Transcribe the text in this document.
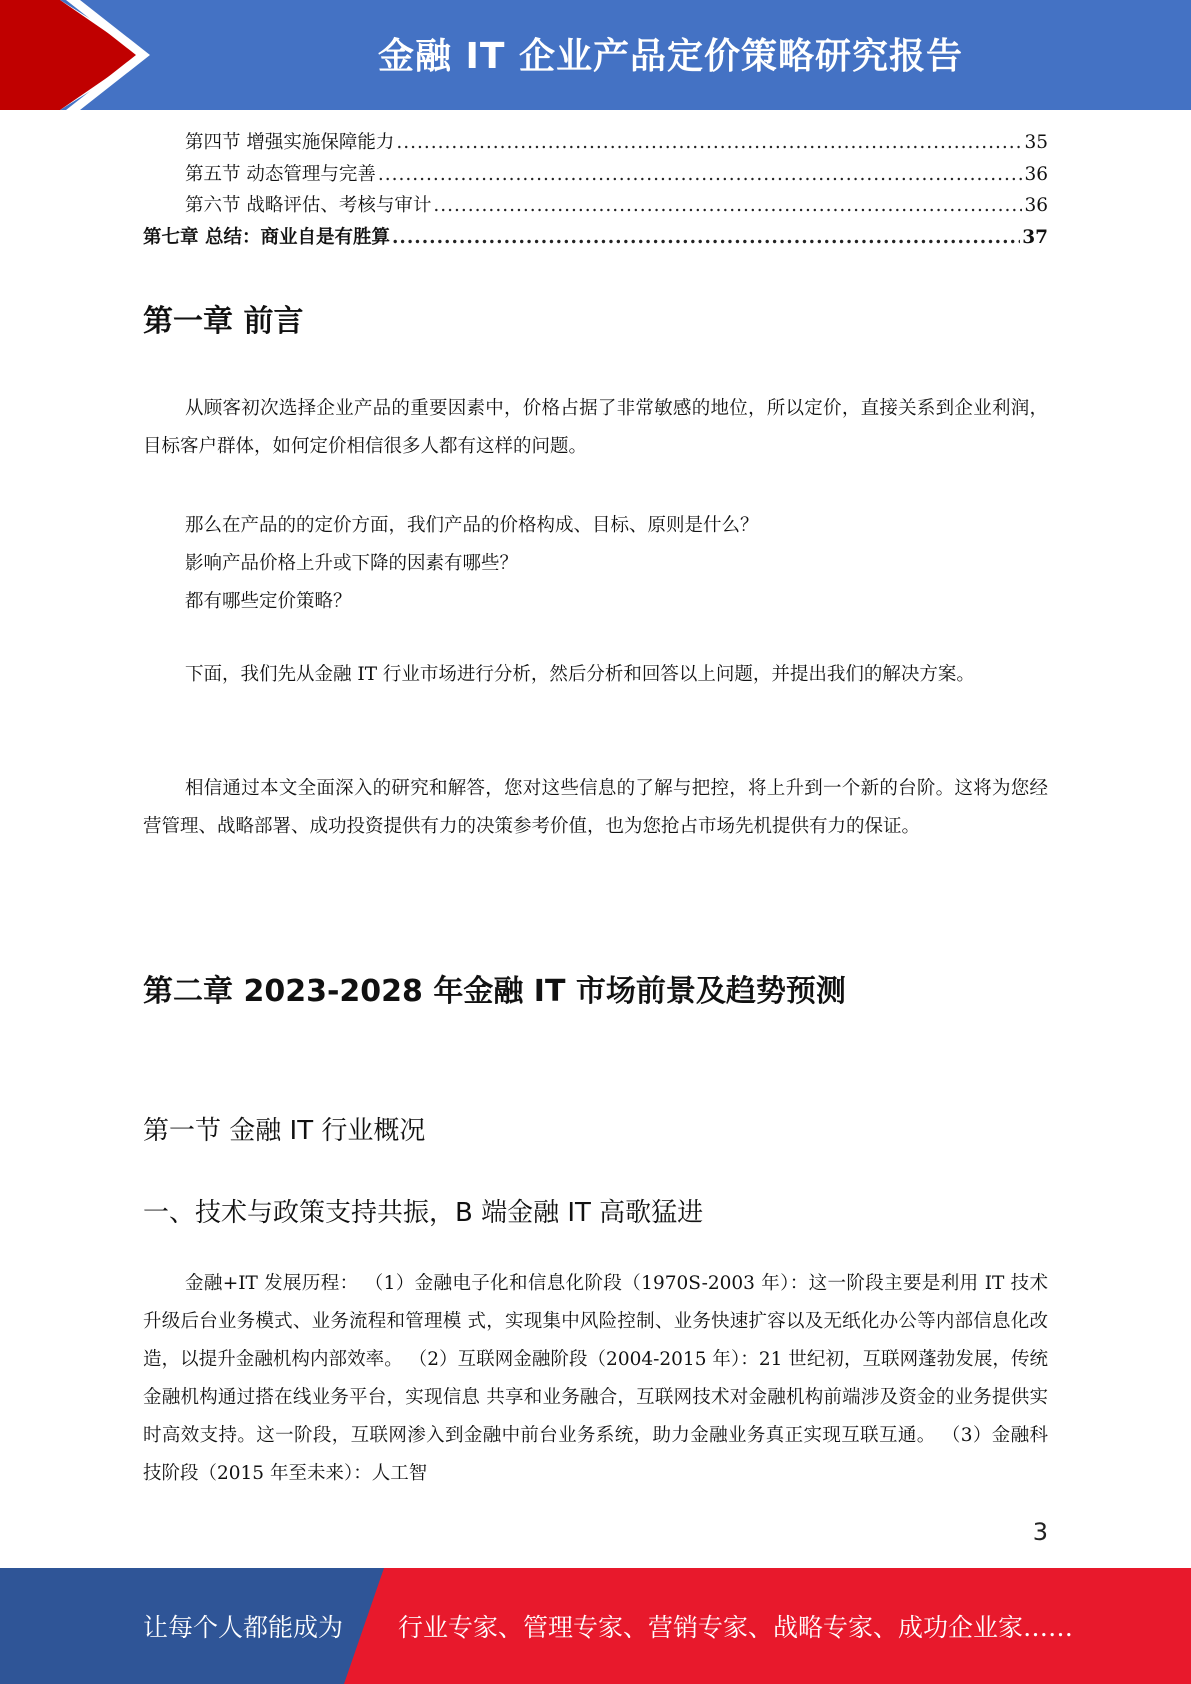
金融 IT 企业产品定价策略研究报告
第四节 增强实施保障能力 .....	35
第五节 动态管理与完善 .....	36
第六节 战略评估、考核与审计 .....	36
第七章 总结：商业自是有胜算 .....	37
第一章 前言

从顾客初次选择企业产品的重要因素中，价格占据了非常敏感的地位，所以定价，直接关系到企业利润，目标客户群体，如何定价相信很多人都有这样的问题。

那么在产品的的定价方面，我们产品的价格构成、目标、原则是什么？

影响产品价格上升或下降的因素有哪些？

都有哪些定价策略？

下面，我们先从金融 IT 行业市场进行分析，然后分析和回答以上问题，并提出我们的解决方案。

相信通过本文全面深入的研究和解答，您对这些信息的了解与把控，将上升到一个新的台阶。这将为您经营管理、战略部署、成功投资提供有力的决策参考价值，也为您抢占市场先机提供有力的保证。

第二章 2023-2028 年金融 IT 市场前景及趋势预测
第一节 金融 IT 行业概况
一、技术与政策支持共振，B 端金融 IT 高歌猛进

金融+IT 发展历程： （1）金融电子化和信息化阶段（1970S-2003 年）：这一阶段主要是利用 IT 技术升级后台业务模式、业务流程和管理模 式，实现集中风险控制、业务快速扩容以及无纸化办公等内部信息化改造，以提升金融机构内部效率。 （2）互联网金融阶段（2004-2015 年）：21 世纪初，互联网蓬勃发展，传统金融机构通过搭在线业务平台，实现信息 共享和业务融合，互联网技术对金融机构前端涉及资金的业务提供实时高效支持。这一阶段，互联网渗入到金融中前台业务系统，助力金融业务真正实现互联互通。 （3）金融科技阶段（2015 年至未来）：人工智

3
让每个人都能成为 行业专家、管理专家、营销专家、战略专家、成功企业家……
